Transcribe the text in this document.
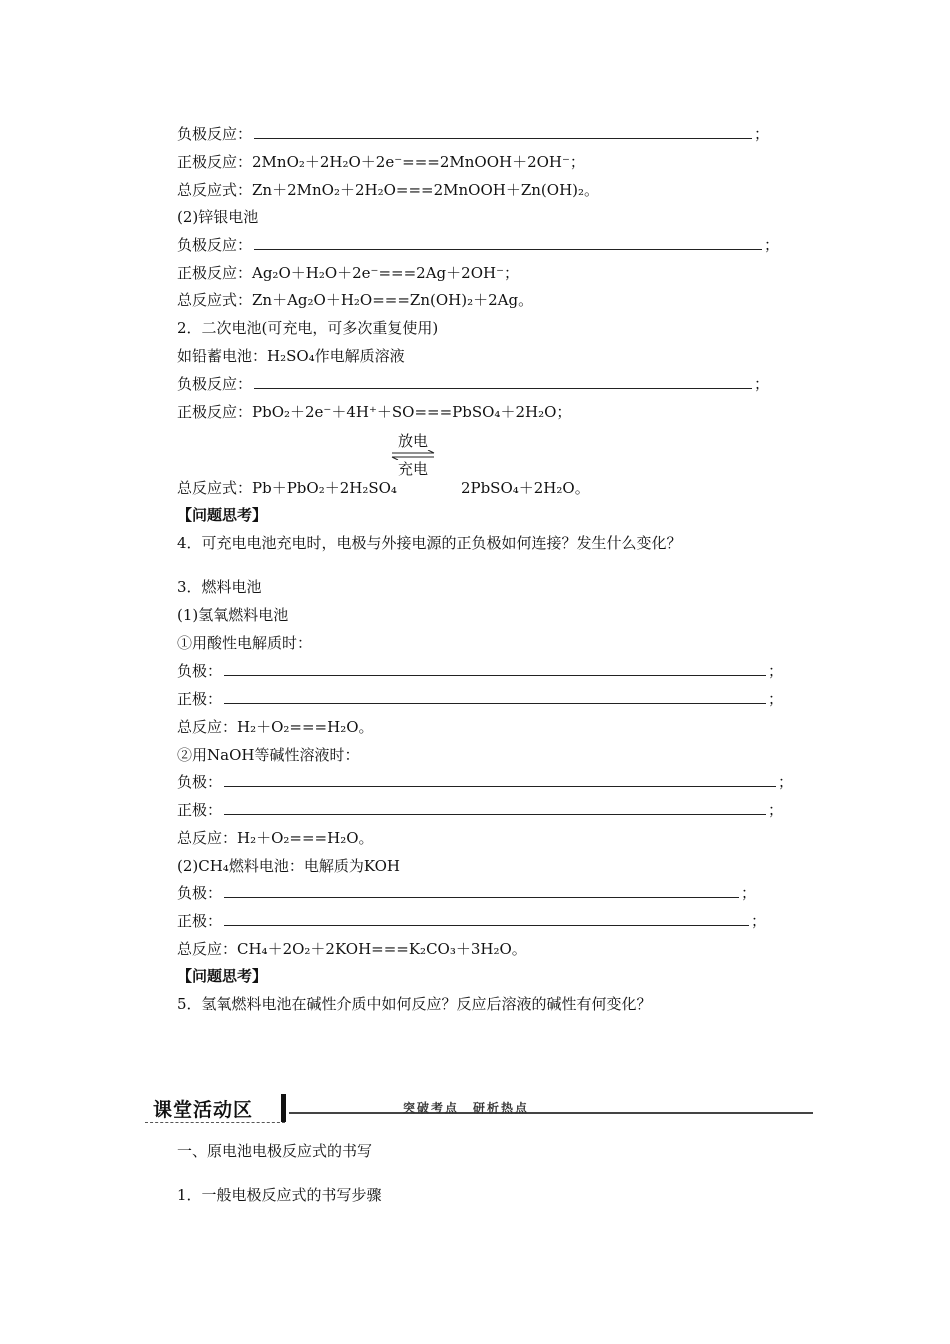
负极反应：	；
正极反应：2MnO₂＋2H₂O＋2e⁻===2MnOOH＋2OH⁻；
总反应式：Zn＋2MnO₂＋2H₂O===2MnOOH＋Zn(OH)₂。
(2)锌银电池
负极反应：	；
正极反应：Ag₂O＋H₂O＋2e⁻===2Ag＋2OH⁻；
总反应式：Zn＋Ag₂O＋H₂O===Zn(OH)₂＋2Ag。
2．二次电池(可充电，可多次重复使用)
如铅蓄电池：H₂SO₄作电解质溶液
负极反应：	；
正极反应：PbO₂＋2e⁻＋4H⁺＋SO===PbSO₄＋2H₂O；
放电
充电
总反应式：Pb＋PbO₂＋2H₂SO₄	2PbSO₄＋2H₂O。
【问题思考】
4．可充电电池充电时，电极与外接电源的正负极如何连接？发生什么变化？
3．燃料电池
(1)氢氧燃料电池
①用酸性电解质时：
负极：	；
正极：	；
总反应：H₂＋O₂===H₂O。
②用NaOH等碱性溶液时：
负极：	；
正极：	；
总反应：H₂＋O₂===H₂O。
(2)CH₄燃料电池：电解质为KOH
负极：	；
正极：	；
总反应：CH₄＋2O₂＋2KOH===K₂CO₃＋3H₂O。
【问题思考】
5．氢氧燃料电池在碱性介质中如何反应？反应后溶液的碱性有何变化？
课堂活动区	突破考点　研析热点
一、原电池电极反应式的书写
1．一般电极反应式的书写步骤
